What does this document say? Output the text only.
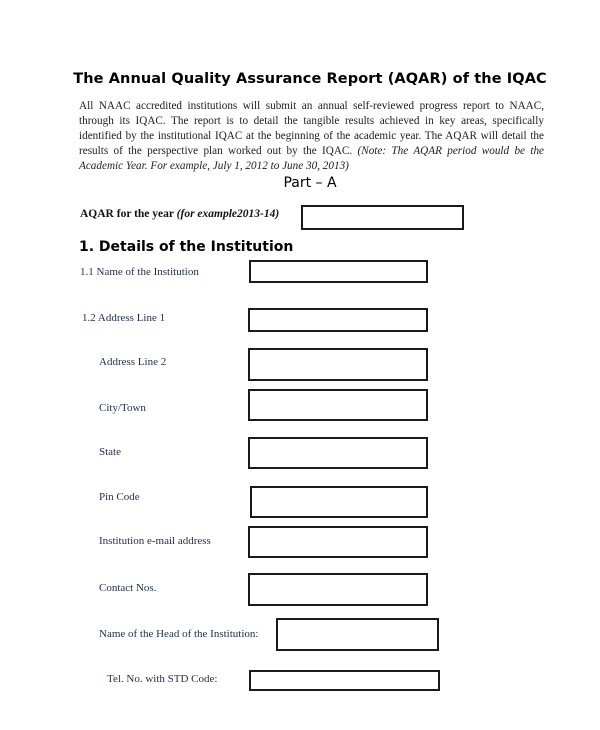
The Annual Quality Assurance Report (AQAR) of the IQAC
All NAAC accredited institutions will submit an annual self-reviewed progress report to NAAC, through its IQAC. The report is to detail the tangible results achieved in key areas, specifically identified by the institutional IQAC at the beginning of the academic year. The AQAR will detail the results of the perspective plan worked out by the IQAC. (Note: The AQAR period would be the Academic Year. For example, July 1, 2012 to June 30, 2013)
Part – A
AQAR for the year (for example2013-14)
1. Details of the Institution
1.1 Name of the Institution
1.2 Address Line 1
Address Line 2
City/Town
State
Pin Code
Institution e-mail address
Contact Nos.
Name of the Head of the Institution:
Tel. No. with STD Code:
